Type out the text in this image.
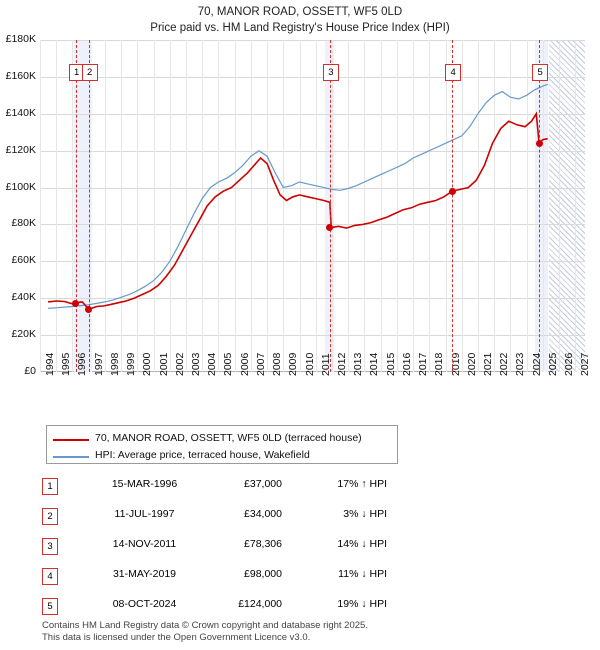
70, MANOR ROAD, OSSETT, WF5 0LD
Price paid vs. HM Land Registry's House Price Index (HPI)
£0
£20K
£40K
£60K
£80K
£100K
£120K
£140K
£160K
£180K
1994 1995 1996 1997 1998 1999 2000 2001 2002 2003 2004 2005 2006 2007 2008 2009 2010 2011 2012 2013 2014 2015 2016 2017 2018 2019 2020 2021 2022 2023 2024 2025 2026 2027
1 2	3	4	5
70, MANOR ROAD, OSSETT, WF5 0LD (terraced house)
HPI: Average price, terraced house, Wakefield
1	15-MAR-1996	£37,000	17% ↑ HPI
2	11-JUL-1997	£34,000	3% ↓ HPI
3	14-NOV-2011	£78,306	14% ↓ HPI
4	31-MAY-2019	£98,000	11% ↓ HPI
5	08-OCT-2024	£124,000	19% ↓ HPI
Contains HM Land Registry data © Crown copyright and database right 2025.
This data is licensed under the Open Government Licence v3.0.
